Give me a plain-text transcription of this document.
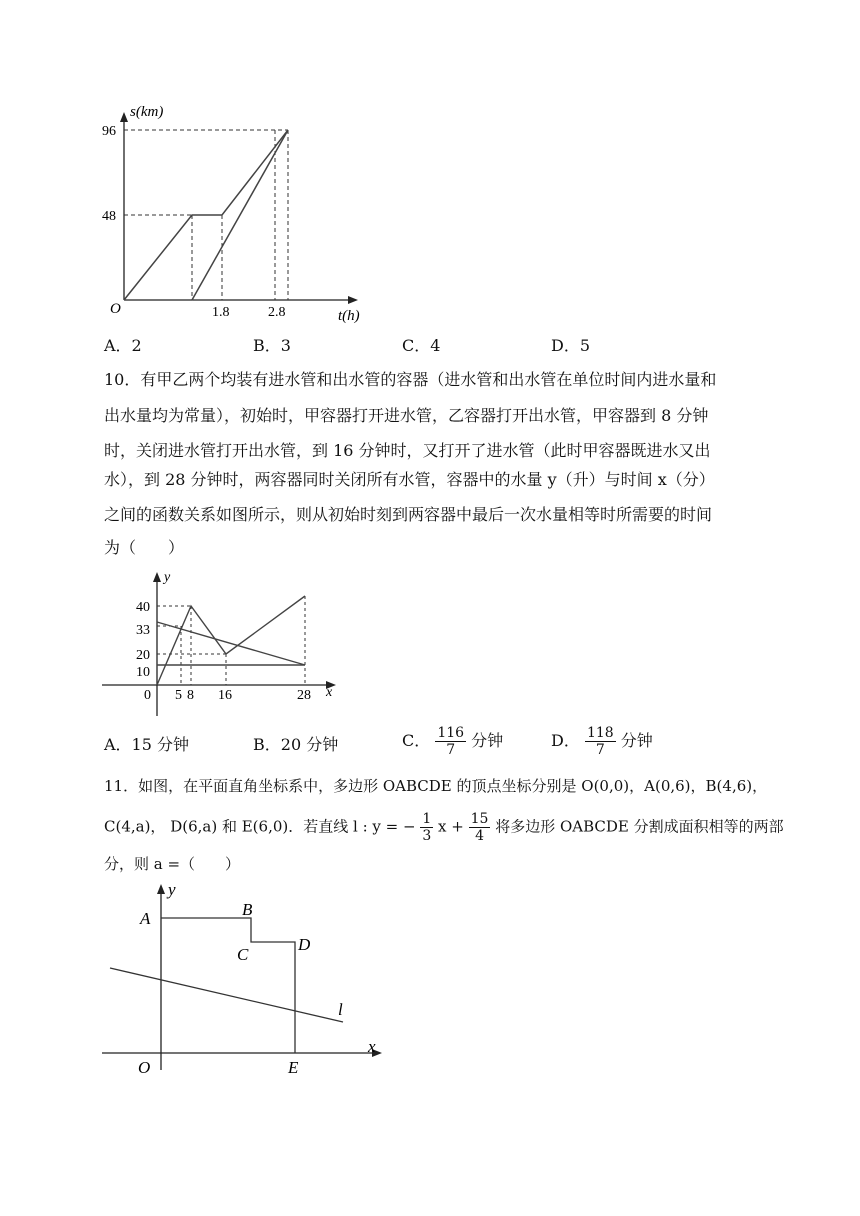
s(km)
96
48
O	1.8	2.8	t(h)
A．2	B．3	C．4	D．5
10．有甲乙两个均装有进水管和出水管的容器（进水管和出水管在单位时间内进水量和
出水量均为常量），初始时，甲容器打开进水管，乙容器打开出水管，甲容器到 8 分钟
时，关闭进水管打开出水管，到 16 分钟时，又打开了进水管（此时甲容器既进水又出
水），到 28 分钟时，两容器同时关闭所有水管，容器中的水量 y（升）与时间 x（分）
之间的函数关系如图所示，则从初始时刻到两容器中最后一次水量相等时所需要的时间
为（　　）
y
40
33
20
10
0 5 8 16	28 x
A．15 分钟	B．20 分钟	C． $\frac{116}{7}$ 分钟	D． $\frac{118}{7}$ 分钟
11．如图，在平面直角坐标系中，多边形 OABCDE 的顶点坐标分别是 O(0,0)，A(0,6)，B(4,6)，
C(4,a)， D(6,a) 和 E(6,0)．若直线 l : y = − $\frac{1}{3}$ $x + \frac{15}{4}$ 将多边形 OABCDE 分割成面积相等的两部
分，则 a =（　　）
y
x
A	B
C
D
O	E
l
